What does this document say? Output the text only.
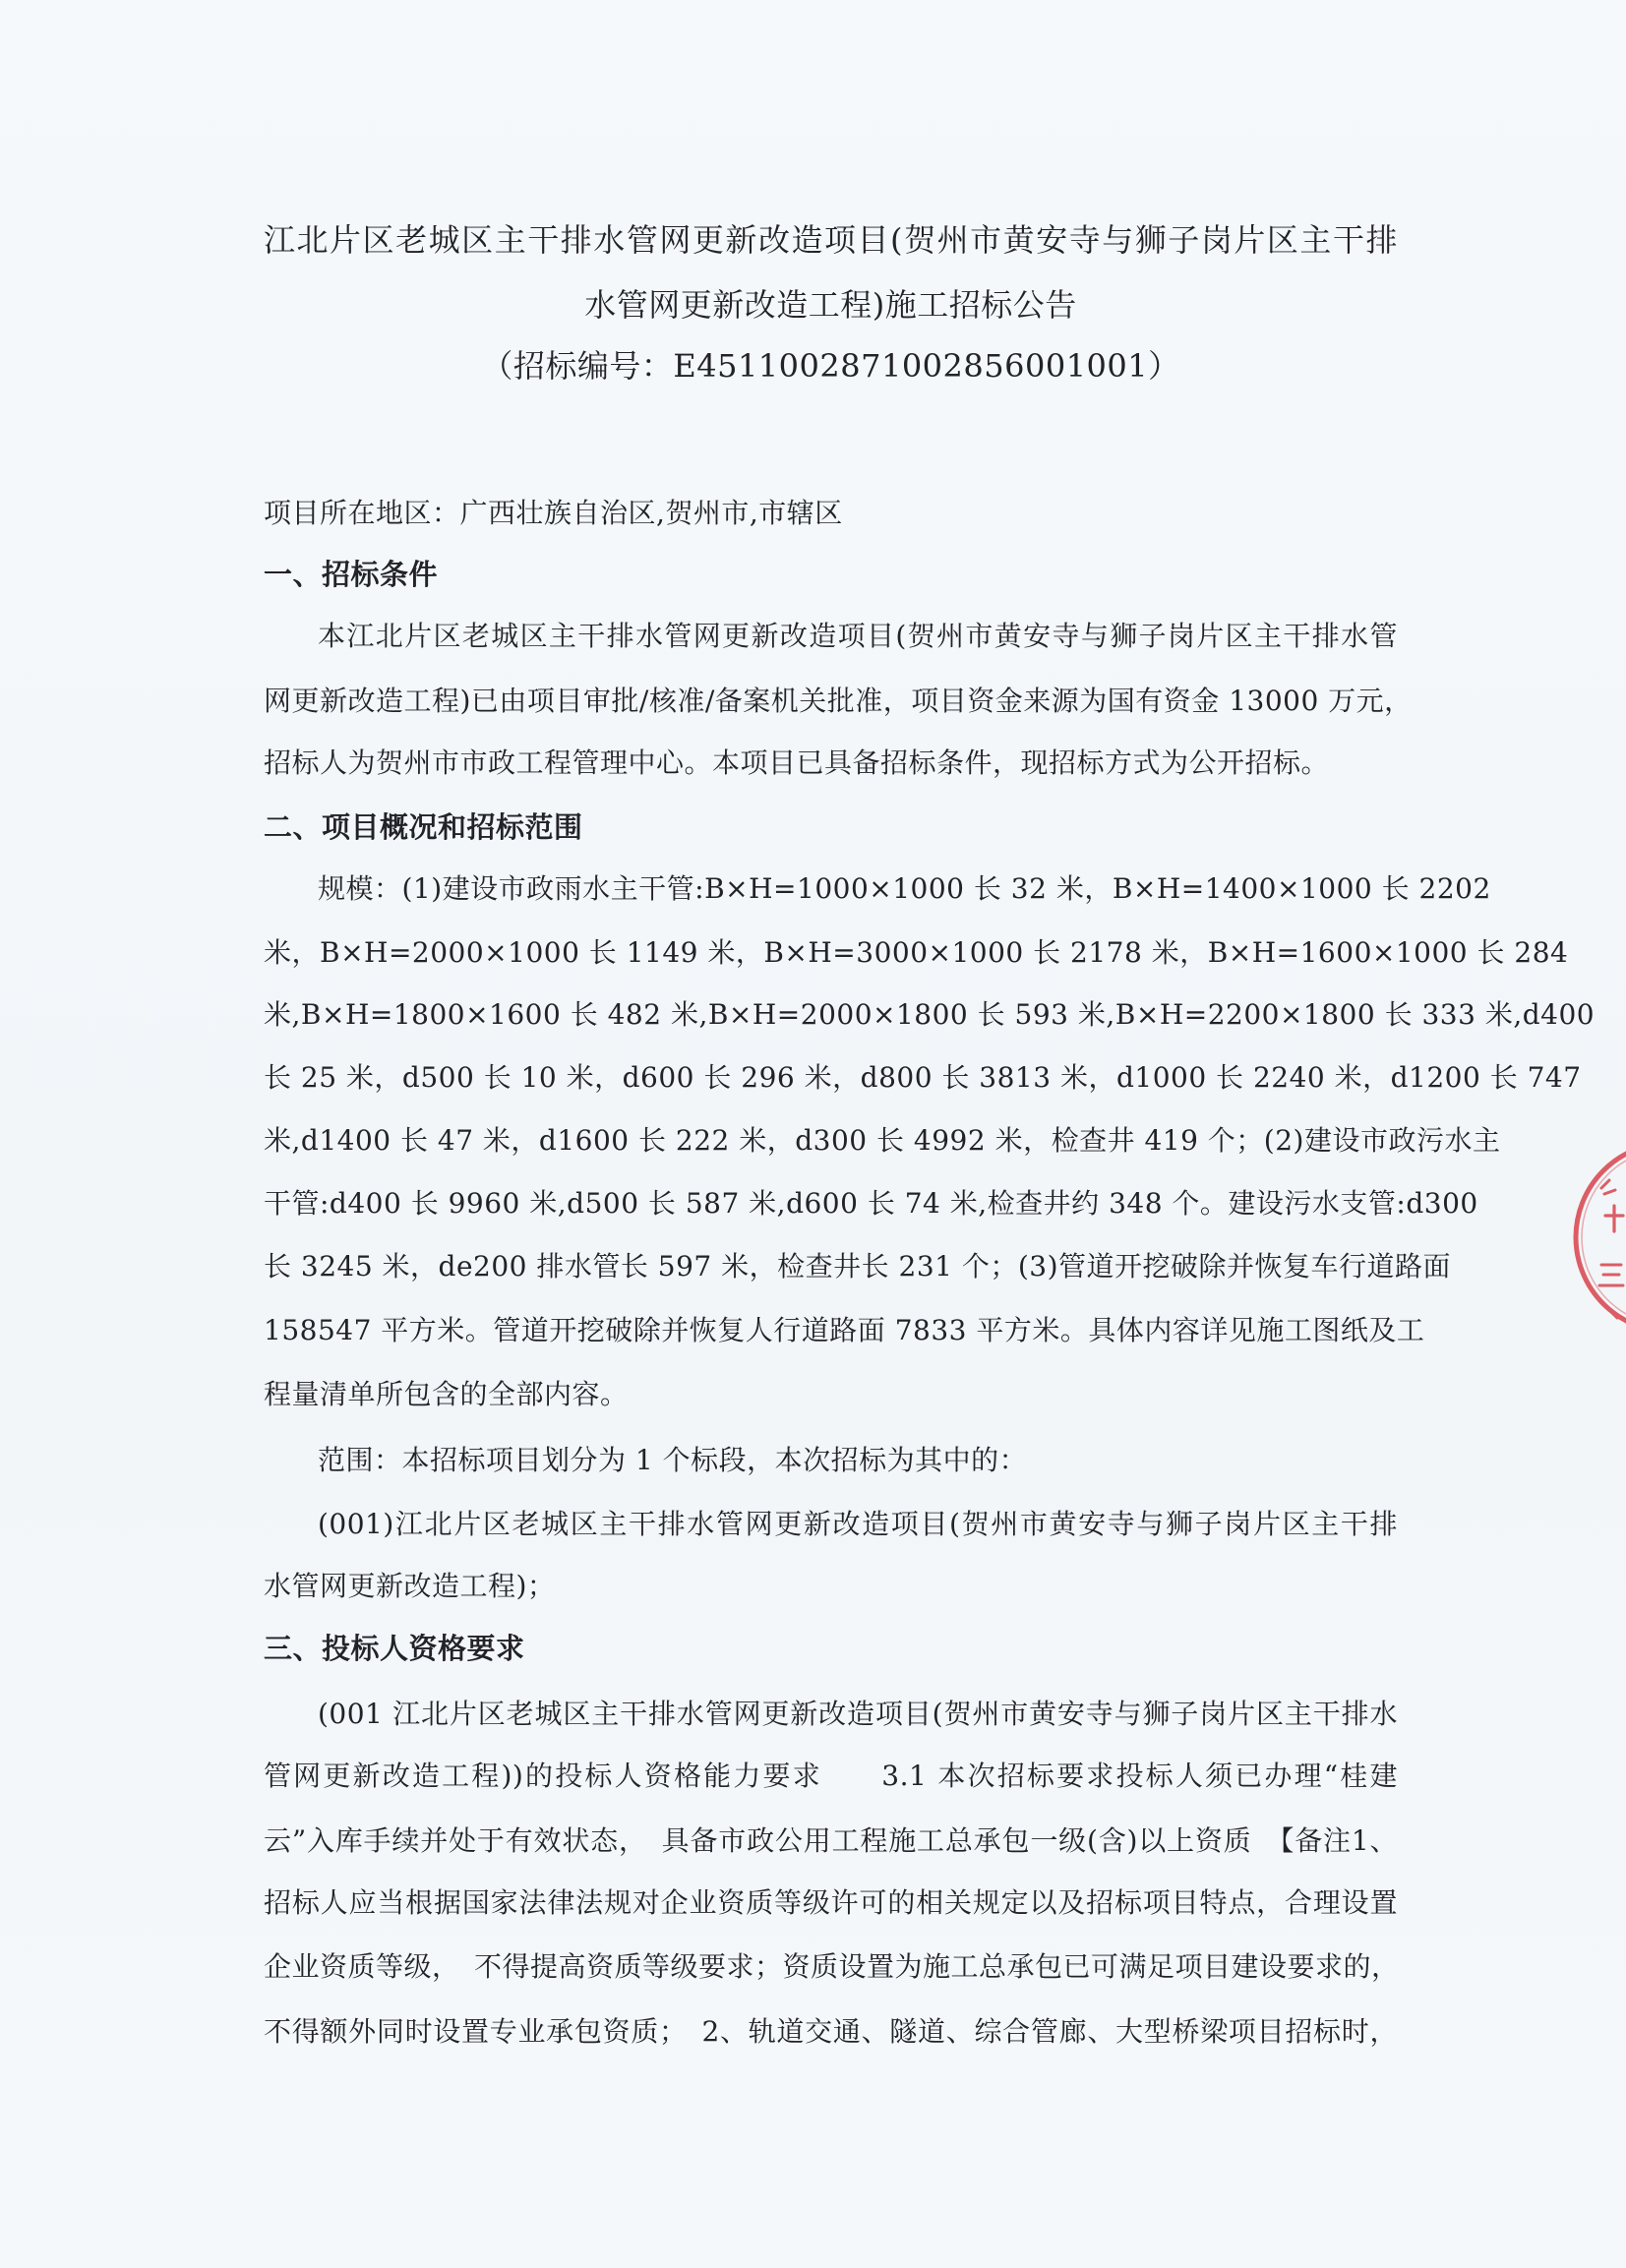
江北片区老城区主干排水管网更新改造项目(贺州市黄安寺与狮子岗片区主干排
水管网更新改造工程)施工招标公告
（招标编号：E4511002871002856001001）
项目所在地区：广西壮族自治区,贺州市,市辖区
一、招标条件
本江北片区老城区主干排水管网更新改造项目(贺州市黄安寺与狮子岗片区主干排水管
网更新改造工程)已由项目审批/核准/备案机关批准，项目资金来源为国有资金 13000 万元，
招标人为贺州市市政工程管理中心。本项目已具备招标条件，现招标方式为公开招标。
二、项目概况和招标范围
规模：(1)建设市政雨水主干管:B×H=1000×1000 长 32 米，B×H=1400×1000 长 2202
米，B×H=2000×1000 长 1149 米，B×H=3000×1000 长 2178 米，B×H=1600×1000 长 284
米,B×H=1800×1600 长 482 米,B×H=2000×1800 长 593 米,B×H=2200×1800 长 333 米,d400
长 25 米，d500 长 10 米，d600 长 296 米，d800 长 3813 米，d1000 长 2240 米，d1200 长 747
米,d1400 长 47 米，d1600 长 222 米，d300 长 4992 米，检查井 419 个；(2)建设市政污水主
干管:d400 长 9960 米,d500 长 587 米,d600 长 74 米,检查井约 348 个。建设污水支管:d300
长 3245 米，de200 排水管长 597 米，检查井长 231 个；(3)管道开挖破除并恢复车行道路面
158547 平方米。管道开挖破除并恢复人行道路面 7833 平方米。具体内容详见施工图纸及工
程量清单所包含的全部内容。
范围：本招标项目划分为 1 个标段，本次招标为其中的：
(001)江北片区老城区主干排水管网更新改造项目(贺州市黄安寺与狮子岗片区主干排
水管网更新改造工程)；
三、投标人资格要求
(001 江北片区老城区主干排水管网更新改造项目(贺州市黄安寺与狮子岗片区主干排水
管网更新改造工程))的投标人资格能力要求　　3.1 本次招标要求投标人须已办理“桂建
云”入库手续并处于有效状态，　具备市政公用工程施工总承包一级(含)以上资质　【备注1、
招标人应当根据国家法律法规对企业资质等级许可的相关规定以及招标项目特点，合理设置
企业资质等级，　不得提高资质等级要求；资质设置为施工总承包已可满足项目建设要求的，
不得额外同时设置专业承包资质；　2、轨道交通、隧道、综合管廊、大型桥梁项目招标时，
